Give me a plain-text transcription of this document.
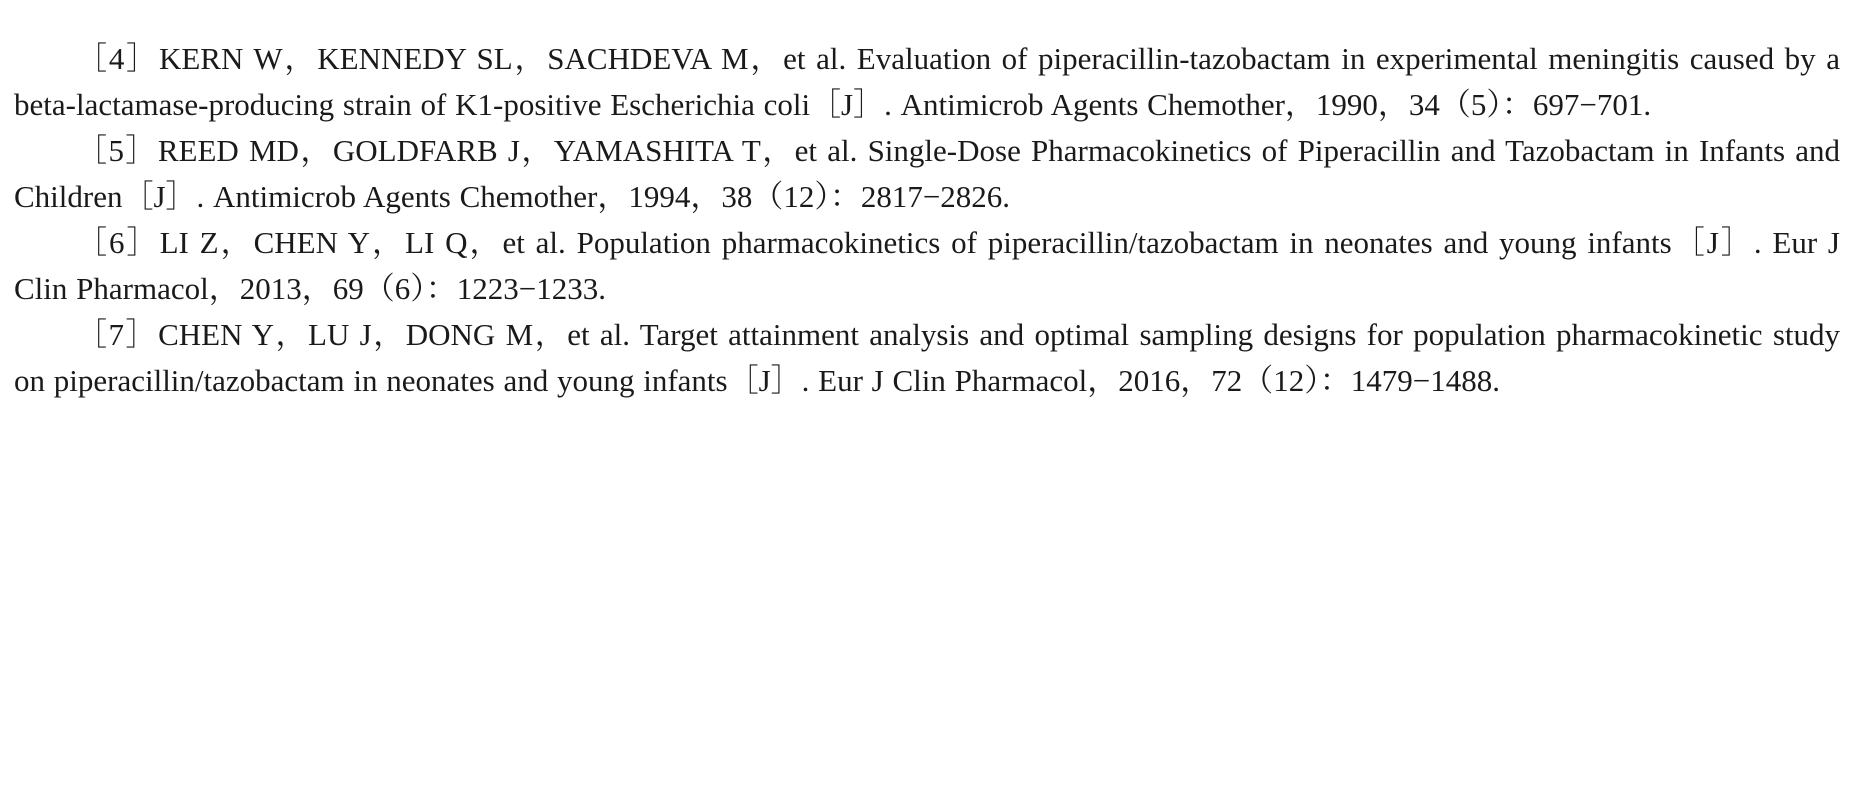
［4］KERN W，KENNEDY SL，SACHDEVA M，et al. Evaluation of piperacillin-tazobactam in experimental meningitis caused by a beta-lactamase-producing strain of K1-positive Escherichia coli［J］. Antimicrob Agents Chemother，1990，34（5）：697−701.

［5］REED MD，GOLDFARB J，YAMASHITA T，et al. Single-Dose Pharmacokinetics of Piperacillin and Tazobactam in Infants and Children［J］. Antimicrob Agents Chemother，1994，38（12）：2817−2826.

［6］LI Z，CHEN Y，LI Q，et al. Population pharmacokinetics of piperacillin/tazobactam in neonates and young infants［J］. Eur J Clin Pharmacol，2013，69（6）：1223−1233.

［7］CHEN Y，LU J，DONG M，et al. Target attainment analysis and optimal sampling designs for population pharmacokinetic study on piperacillin/tazobactam in neonates and young infants［J］. Eur J Clin Pharmacol，2016，72（12）：1479−1488.
